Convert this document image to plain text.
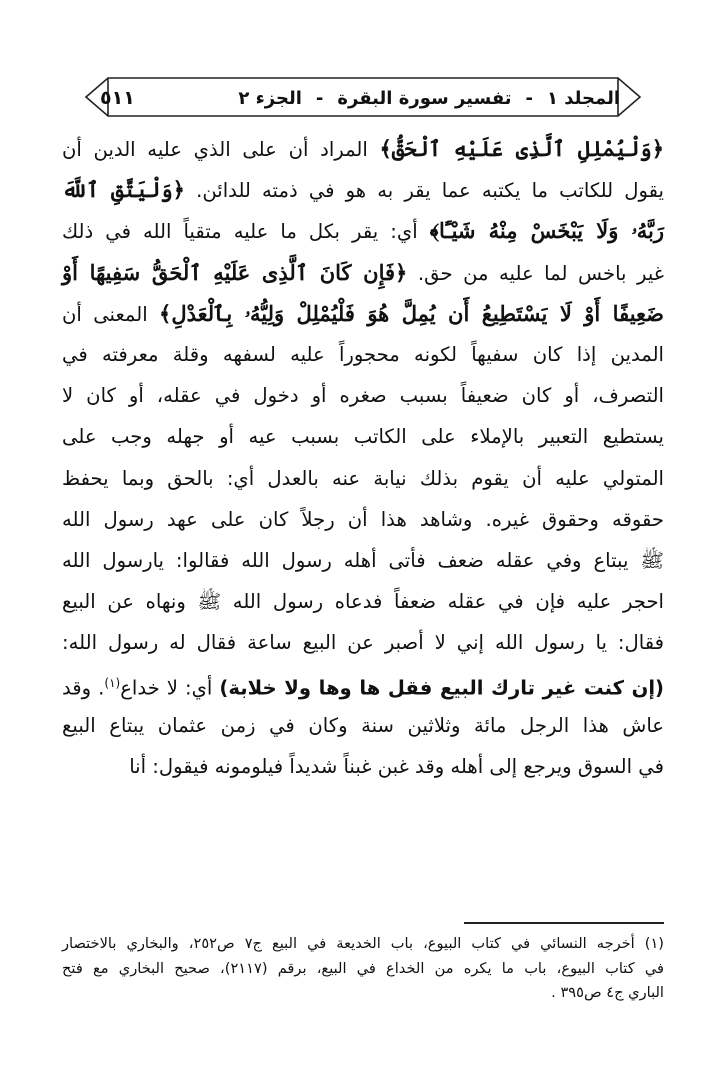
المجلد ١
-
تفسير سورة البقرة
-
الجزء ٢
٥١١
﴿وَلْيُمْلِلِ ٱلَّذِى عَلَيْهِ ٱلْحَقُّ﴾ المراد أن على الذي عليه الدين أن
يقول للكاتب ما يكتبه عما يقر به هو في ذمته للدائن. ﴿وَلْيَتَّقِ ٱللَّهَ
رَبَّهُۥ وَلَا يَبْخَسْ مِنْهُ شَيْـًٔا﴾ أي: يقر بكل ما عليه متقياً الله في ذلك
غير باخس لما عليه من حق. ﴿فَإِن كَانَ ٱلَّذِى عَلَيْهِ ٱلْحَقُّ سَفِيهًا أَوْ
ضَعِيفًا أَوْ لَا يَسْتَطِيعُ أَن يُمِلَّ هُوَ فَلْيُمْلِلْ وَلِيُّهُۥ بِٱلْعَدْلِ﴾ المعنى أن
المدين إذا كان سفيهاً لكونه محجوراً عليه لسفهه وقلة معرفته في
التصرف، أو كان ضعيفاً بسبب صغره أو دخول في عقله، أو كان لا
يستطيع التعبير بالإملاء على الكاتب بسبب عيه أو جهله وجب على
المتولي عليه أن يقوم بذلك نيابة عنه بالعدل أي: بالحق وبما يحفظ
حقوقه وحقوق غيره. وشاهد هذا أن رجلاً كان على عهد رسول الله
ﷺ يبتاع وفي عقله ضعف فأتى أهله رسول الله فقالوا: يارسول الله
احجر عليه فإن في عقله ضعفاً فدعاه رسول الله ﷺ ونهاه عن البيع
فقال: يا رسول الله إني لا أصبر عن البيع ساعة فقال له رسول الله:
(إن كنت غير تارك البيع فقل ها وها ولا خلابة) أي: لا خداع$^{(١)}$. وقد
عاش هذا الرجل مائة وثلاثين سنة وكان في زمن عثمان يبتاع البيع
في السوق ويرجع إلى أهله وقد غبن غبناً شديداً فيلومونه فيقول: أنا
(١) أخرجه النسائي في كتاب البيوع، باب الخديعة في البيع ج٧ ص٢٥٢، والبخاري بالاختصار
في كتاب البيوع، باب ما يكره من الخداع في البيع، برقم (٢١١٧)، صحيح البخاري مع فتح
الباري ج٤ ص٣٩٥ .
